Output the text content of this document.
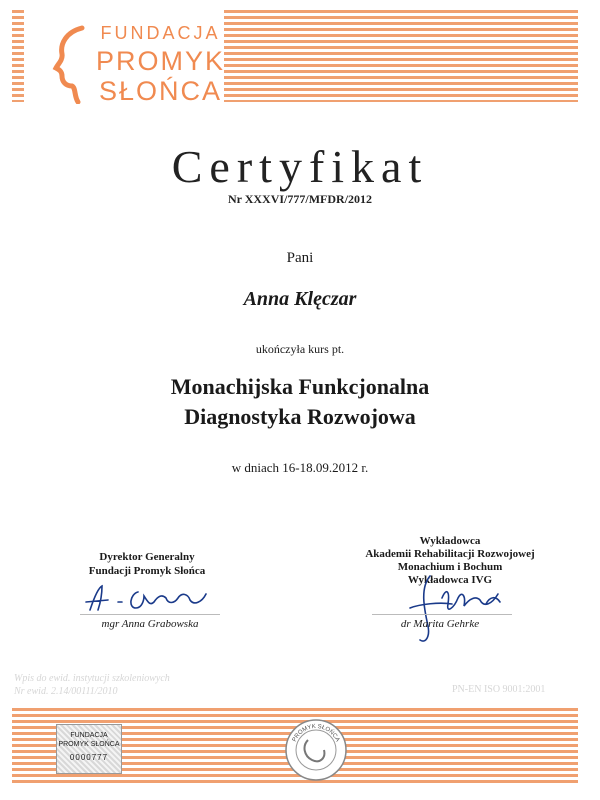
FUNDACJA
PROMYK
SŁOŃCA
Certyfikat
Nr XXXVI/777/MFDR/2012
Pani
Anna Klęczar
ukończyła kurs pt.
Monachijska Funkcjonalna
Diagnostyka Rozwojowa
w dniach 16-18.09.2012 r.
Dyrektor Generalny
Fundacji Promyk Słońca
mgr Anna Grabowska
Wykładowca
Akademii Rehabilitacji Rozwojowej
Monachium i Bochum
Wykładowca IVG
dr Marita Gehrke
Wpis do ewid. instytucji szkoleniowych
Nr ewid. 2.14/00111/2010	PN-EN ISO 9001:2001
FUNDACJA
PROMYK SŁOŃCA
0000777
PROMYK SŁOŃCA
